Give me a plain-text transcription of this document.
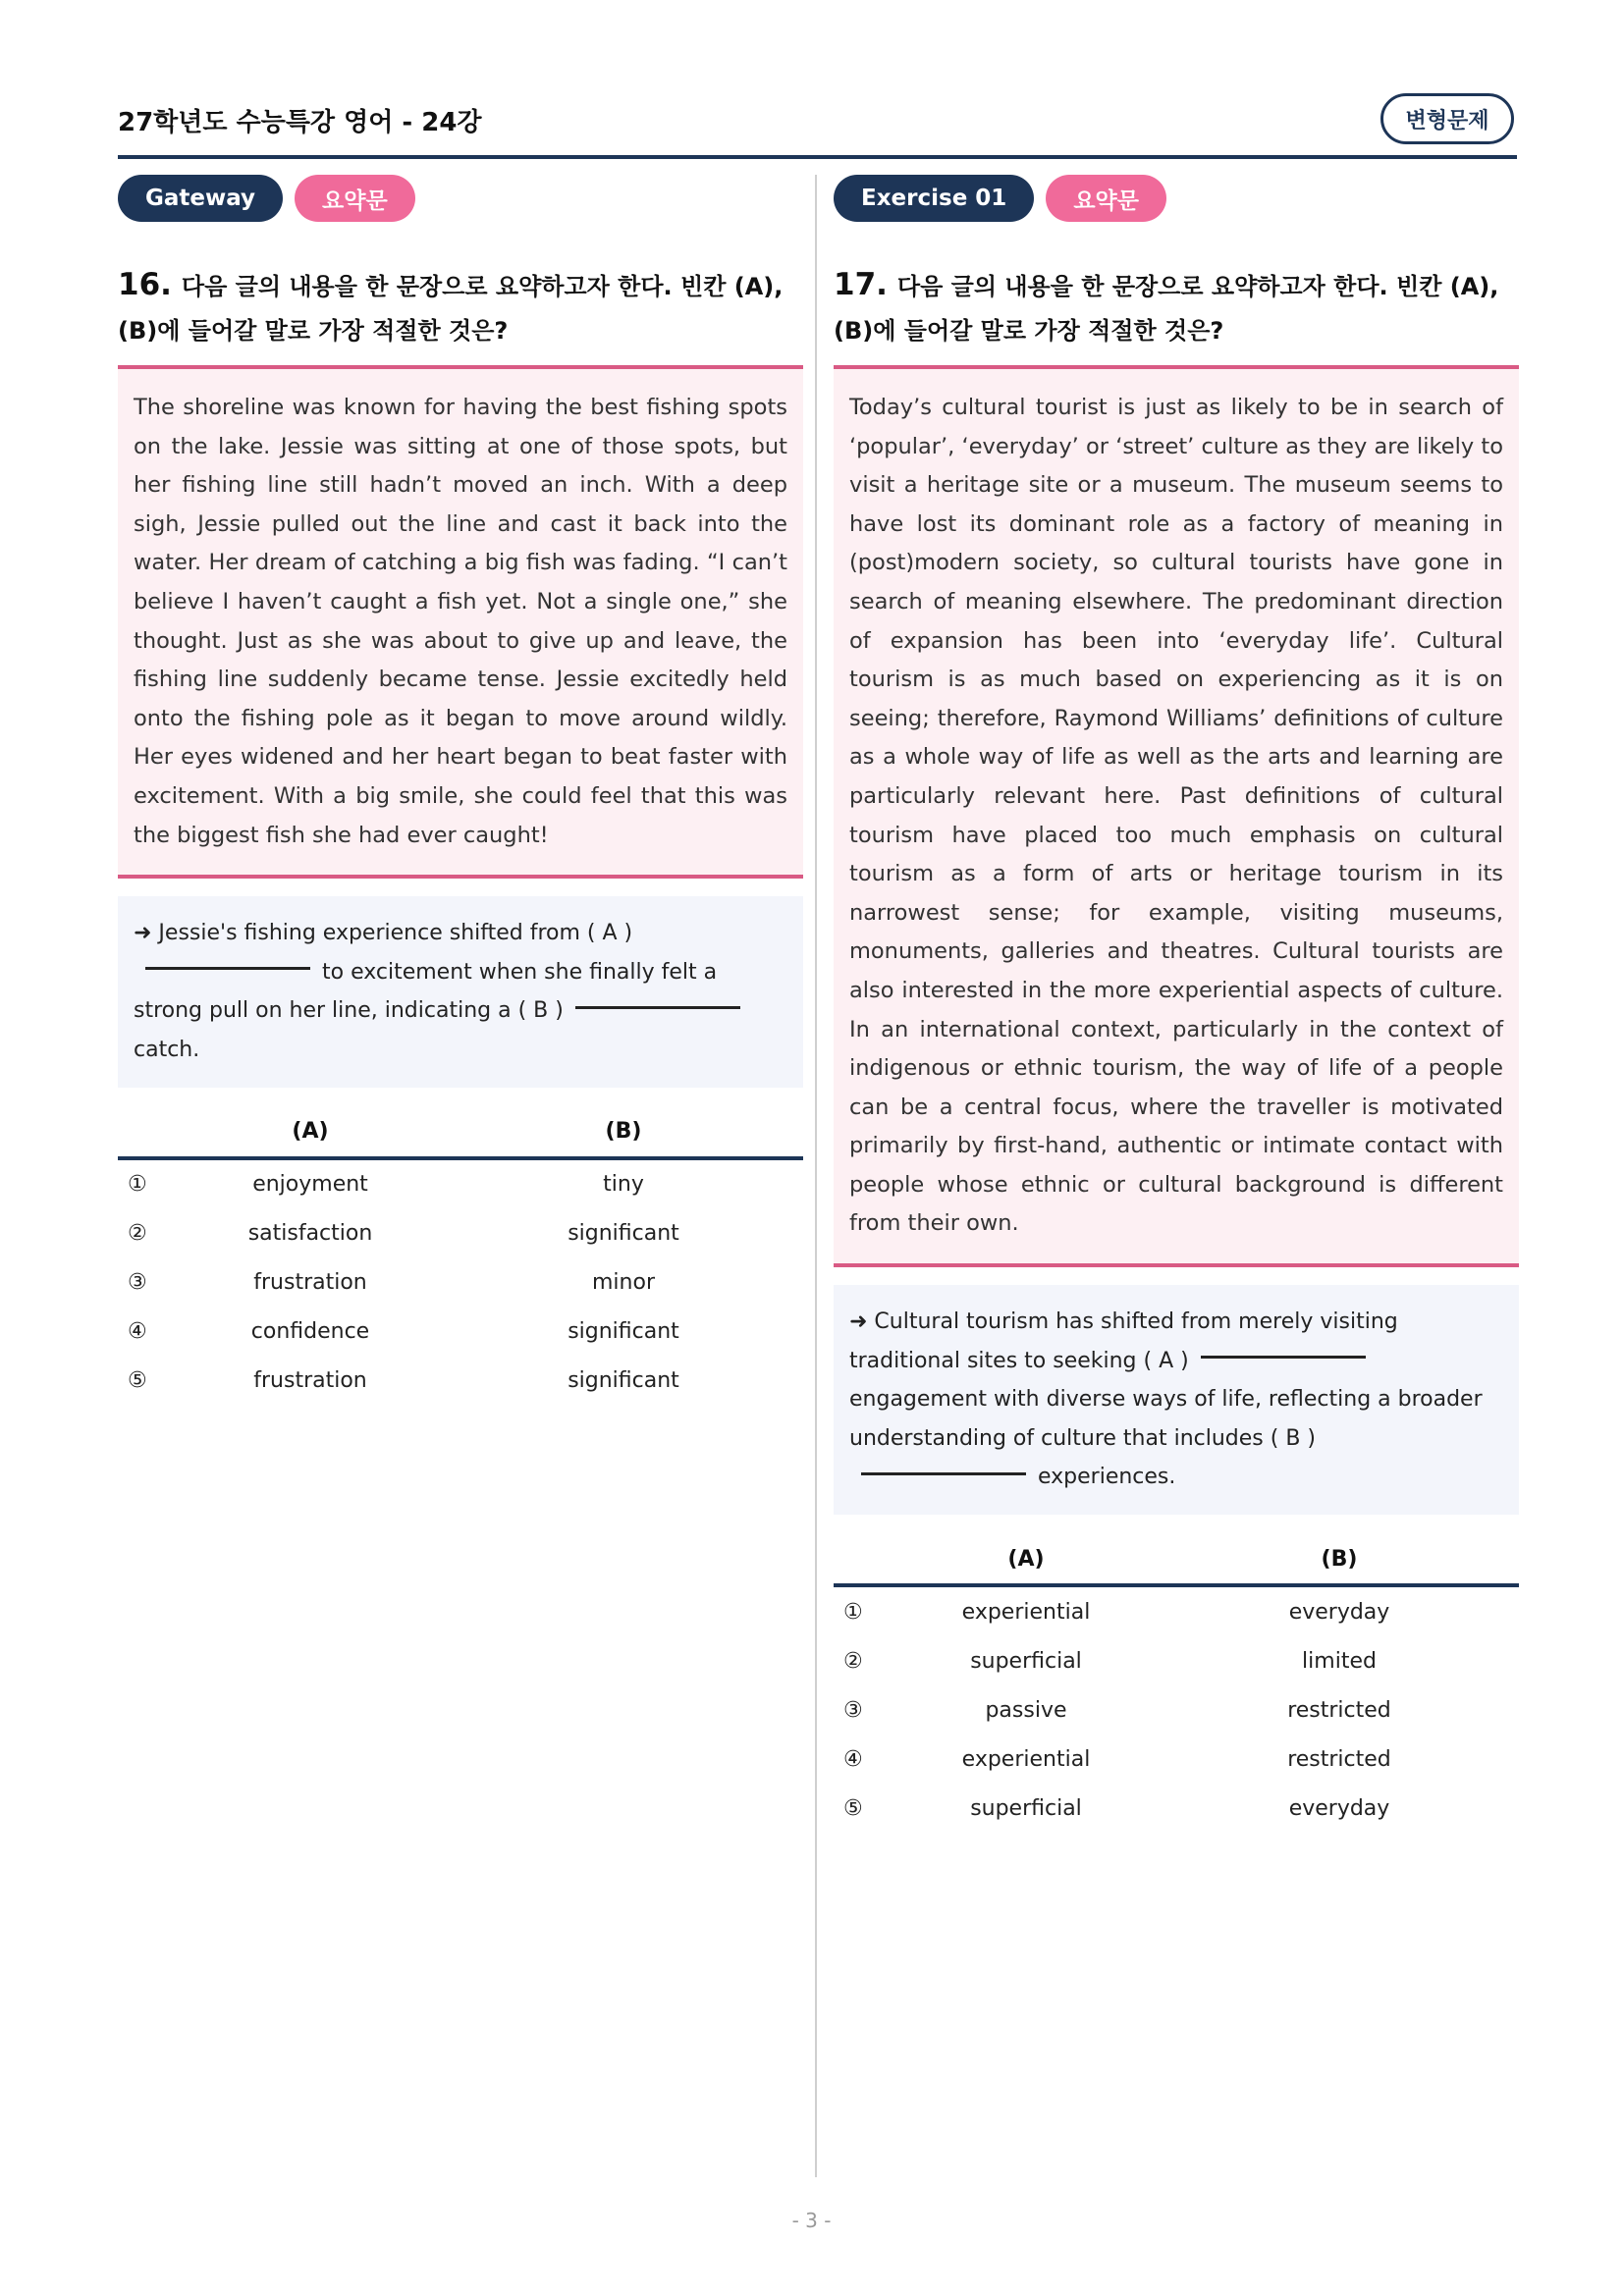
27학년도 수능특강 영어 - 24강	변형문제
Gateway	요약문
16. 다음 글의 내용을 한 문장으로 요약하고자 한다. 빈칸 (A), (B)에 들어갈 말로 가장 적절한 것은?
The shoreline was known for having the best fishing spots on the lake. Jessie was sitting at one of those spots, but her fishing line still hadn’t moved an inch. With a deep sigh, Jessie pulled out the line and cast it back into the water. Her dream of catching a big fish was fading. “I can’t believe I haven’t caught a fish yet. Not a single one,” she thought. Just as she was about to give up and leave, the fishing line suddenly became tense. Jessie excitedly held onto the fishing pole as it began to move around wildly. Her eyes widened and her heart began to beat faster with excitement. With a big smile, she could feel that this was the biggest fish she had ever caught!
➜ Jessie's fishing experience shifted from ( A )
to excitement when she finally felt a strong pull on her line, indicating a ( B )catch.
(A)	(B)
①	enjoyment	tiny
②	satisfaction	significant
③	frustration	minor
④	confidence	significant
⑤	frustration	significant
Exercise 01	요약문
17. 다음 글의 내용을 한 문장으로 요약하고자 한다. 빈칸 (A), (B)에 들어갈 말로 가장 적절한 것은?
Today’s cultural tourist is just as likely to be in search of ‘popular’, ‘everyday’ or ‘street’ culture as they are likely to visit a heritage site or a museum. The museum seems to have lost its dominant role as a factory of meaning in (post)modern society, so cultural tourists have gone in search of meaning elsewhere. The predominant direction of expansion has been into ‘everyday life’. Cultural tourism is as much based on experiencing as it is on seeing; therefore, Raymond Williams’ definitions of culture as a whole way of life as well as the arts and learning are particularly relevant here. Past definitions of cultural tourism have placed too much emphasis on cultural tourism as a form of arts or heritage tourism in its narrowest sense; for example, visiting museums, monuments, galleries and theatres. Cultural tourists are also interested in the more experiential aspects of culture. In an international context, particularly in the context of indigenous or ethnic tourism, the way of life of a people can be a central focus, where the traveller is motivated primarily by first-hand, authentic or intimate contact with people whose ethnic or cultural background is different from their own.
➜ Cultural tourism has shifted from merely visiting traditional sites to seeking ( A )engagement with diverse ways of life, reflecting a broader understanding of culture that includes ( B )experiences.
(A)	(B)
①	experiential	everyday
②	superficial	limited
③	passive	restricted
④	experiential	restricted
⑤	superficial	everyday
- 3 -
